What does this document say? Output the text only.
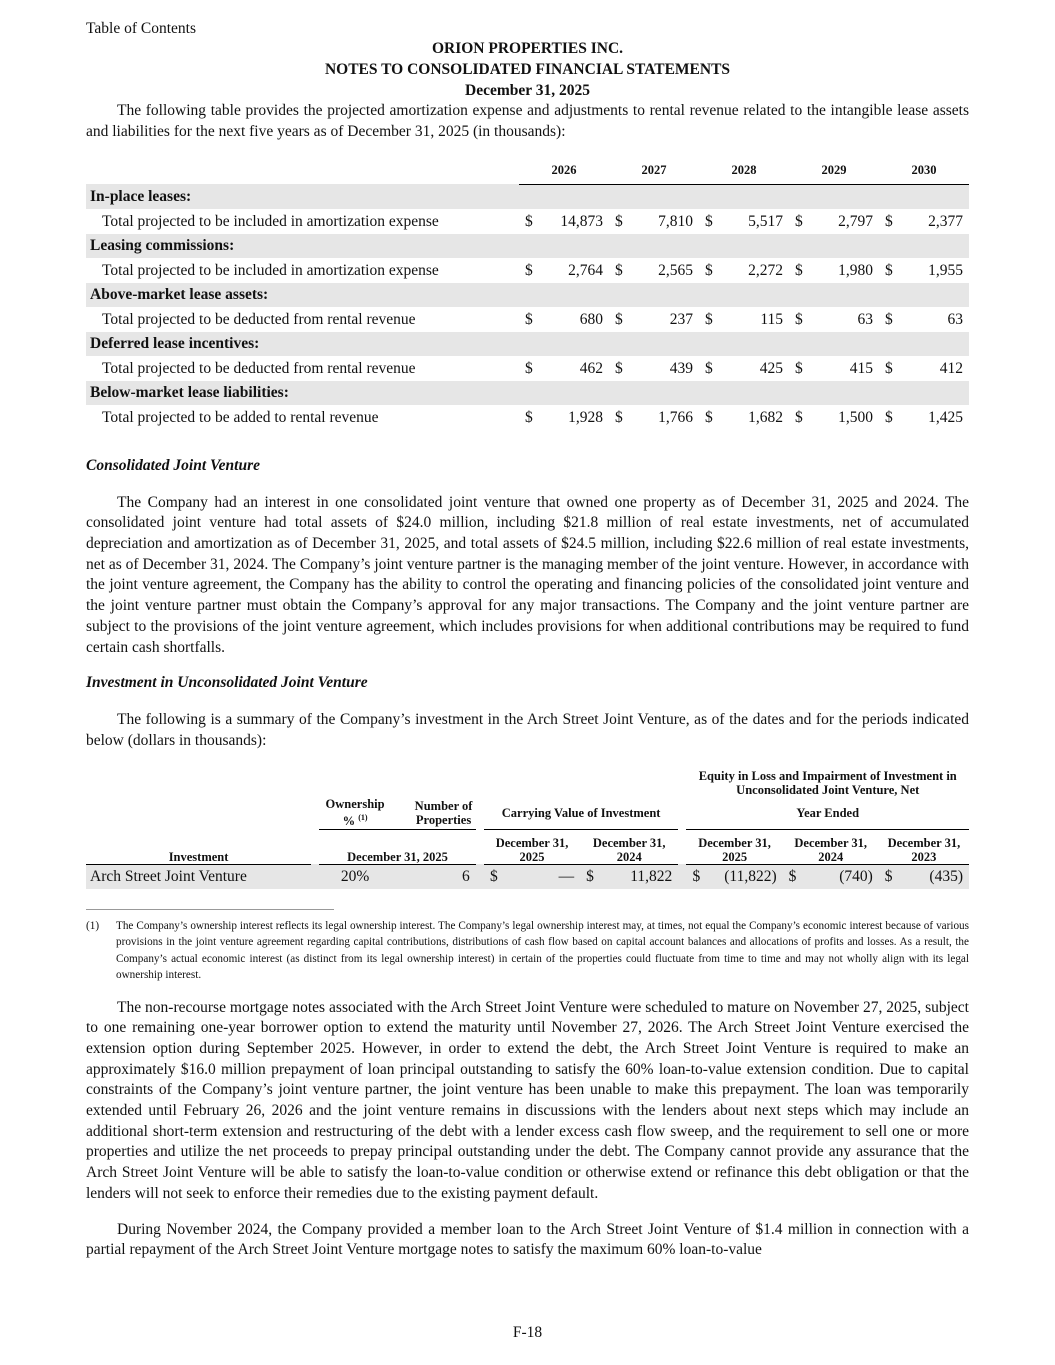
Table of Contents
ORION PROPERTIES INC.
NOTES TO CONSOLIDATED FINANCIAL STATEMENTS
December 31, 2025

The following table provides the projected amortization expense and adjustments to rental revenue related to the intangible lease assets and liabilities for the next five years as of December 31, 2025 (in thousands):

	2026		2027		2028		2029		2030	
In-place leases:										
Total projected to be included in amortization expense	$	14,873	$	7,810	$	5,517	$	2,797	$	2,377
Leasing commissions:										
Total projected to be included in amortization expense	$	2,764	$	2,565	$	2,272	$	1,980	$	1,955
Above-market lease assets:										
Total projected to be deducted from rental revenue	$	680	$	237	$	115	$	63	$	63
Deferred lease incentives:										
Total projected to be deducted from rental revenue	$	462	$	439	$	425	$	415	$	412
Below-market lease liabilities:										
Total projected to be added to rental revenue	$	1,928	$	1,766	$	1,682	$	1,500	$	1,425

Consolidated Joint Venture

The Company had an interest in one consolidated joint venture that owned one property as of December 31, 2025 and 2024. The consolidated joint venture had total assets of $24.0 million, including $21.8 million of real estate investments, net of accumulated depreciation and amortization as of December 31, 2025, and total assets of $24.5 million, including $22.6 million of real estate investments, net as of December 31, 2024. The Company’s joint venture partner is the managing member of the joint venture. However, in accordance with the joint venture agreement, the Company has the ability to control the operating and financing policies of the consolidated joint venture and the joint venture partner must obtain the Company’s approval for any major transactions. The Company and the joint venture partner are subject to the provisions of the joint venture agreement, which includes provisions for when additional contributions may be required to fund certain cash shortfalls.

Investment in Unconsolidated Joint Venture

The following is a summary of the Company’s investment in the Arch Street Joint Venture, as of the dates and for the periods indicated below (dollars in thousands):

											Equity in Loss and Impairment of Investment in Unconsolidated Joint Venture, Net					
		Ownership % $^{(1)}$		Number of Properties		Carrying Value of Investment					Year Ended					
Investment		December 31, 2025				December 31, 2025		December 31, 2024			December 31, 2025		December 31, 2024		December 31, 2023	
Arch Street Joint Venture		20%		6		$	—	$	11,822		$	(11,822)	$	(740)	$	(435)
(1)	The Company’s ownership interest reflects its legal ownership interest. The Company’s legal ownership interest may, at times, not equal the Company’s economic interest because of various provisions in the joint venture agreement regarding capital contributions, distributions of cash flow based on capital account balances and allocations of profits and losses. As a result, the Company’s actual economic interest (as distinct from its legal ownership interest) in certain of the properties could fluctuate from time to time and may not wholly align with its legal ownership interest.

The non-recourse mortgage notes associated with the Arch Street Joint Venture were scheduled to mature on November 27, 2025, subject to one remaining one-year borrower option to extend the maturity until November 27, 2026. The Arch Street Joint Venture exercised the extension option during September 2025. However, in order to extend the debt, the Arch Street Joint Venture is required to make an approximately $16.0 million prepayment of loan principal outstanding to satisfy the 60% loan-to-value extension condition. Due to capital constraints of the Company’s joint venture partner, the joint venture has been unable to make this prepayment. The loan was temporarily extended until February 26, 2026 and the joint venture remains in discussions with the lenders about next steps which may include an additional short-term extension and restructuring of the debt with a lender excess cash flow sweep, and the requirement to sell one or more properties and utilize the net proceeds to prepay principal outstanding under the debt. The Company cannot provide any assurance that the Arch Street Joint Venture will be able to satisfy the loan-to-value condition or otherwise extend or refinance this debt obligation or that the lenders will not seek to enforce their remedies due to the existing payment default.

During November 2024, the Company provided a member loan to the Arch Street Joint Venture of $1.4 million in connection with a partial repayment of the Arch Street Joint Venture mortgage notes to satisfy the maximum 60% loan-to-value

F-18
